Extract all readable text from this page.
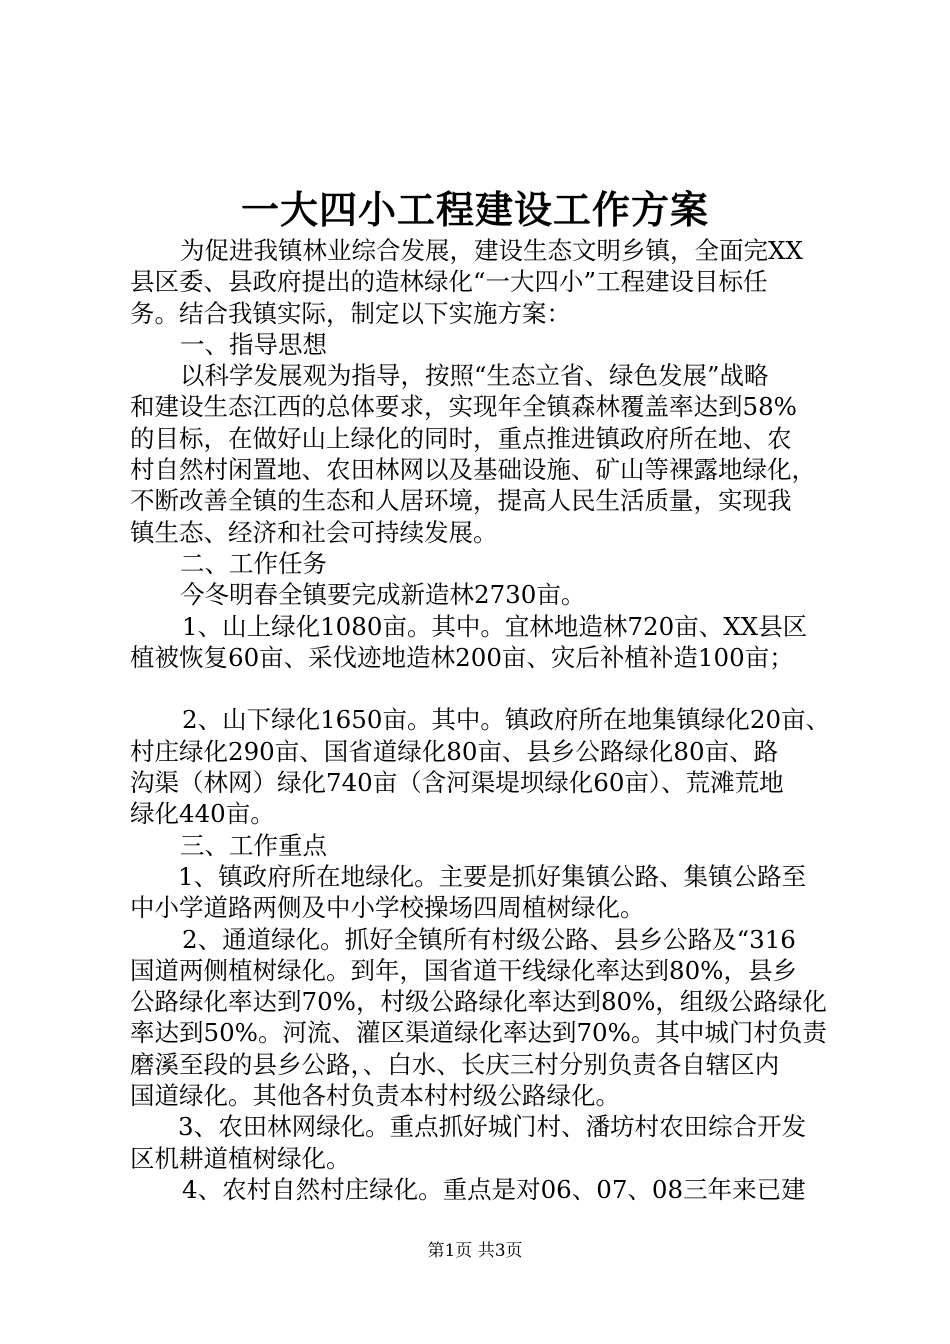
一大四小工程建设工作方案
为促进我镇林业综合发展，建设生态文明乡镇，全面完XX
县区委、县政府提出的造林绿化“一大四小”工程建设目标任
务。结合我镇实际，制定以下实施方案：
一、指导思想
以科学发展观为指导，按照“生态立省、绿色发展”战略
和建设生态江西的总体要求，实现年全镇森林覆盖率达到58%
的目标，在做好山上绿化的同时，重点推进镇政府所在地、农
村自然村闲置地、农田林网以及基础设施、矿山等裸露地绿化，
不断改善全镇的生态和人居环境，提高人民生活质量，实现我
镇生态、经济和社会可持续发展。
二、工作任务
今冬明春全镇要完成新造林2730亩。
1、山上绿化1080亩。其中。宜林地造林720亩、XX县区
植被恢复60亩、采伐迹地造林200亩、灾后补植补造100亩；
2、山下绿化1650亩。其中。镇政府所在地集镇绿化20亩、
村庄绿化290亩、国省道绿化80亩、县乡公路绿化80亩、路
沟渠（林网）绿化740亩（含河渠堤坝绿化60亩）、荒滩荒地
绿化440亩。
三、工作重点
1、镇政府所在地绿化。主要是抓好集镇公路、集镇公路至
中小学道路两侧及中小学校操场四周植树绿化。
2、通道绿化。抓好全镇所有村级公路、县乡公路及“316
国道两侧植树绿化。到年，国省道干线绿化率达到80%，县乡
公路绿化率达到70%，村级公路绿化率达到80%，组级公路绿化
率达到50%。河流、灌区渠道绿化率达到70%。其中城门村负责
磨溪至段的县乡公路，、白水、长庆三村分别负责各自辖区内
国道绿化。其他各村负责本村村级公路绿化。
3、农田林网绿化。重点抓好城门村、潘坊村农田综合开发
区机耕道植树绿化。
4、农村自然村庄绿化。重点是对06、07、08三年来已建
第1页 共3页
